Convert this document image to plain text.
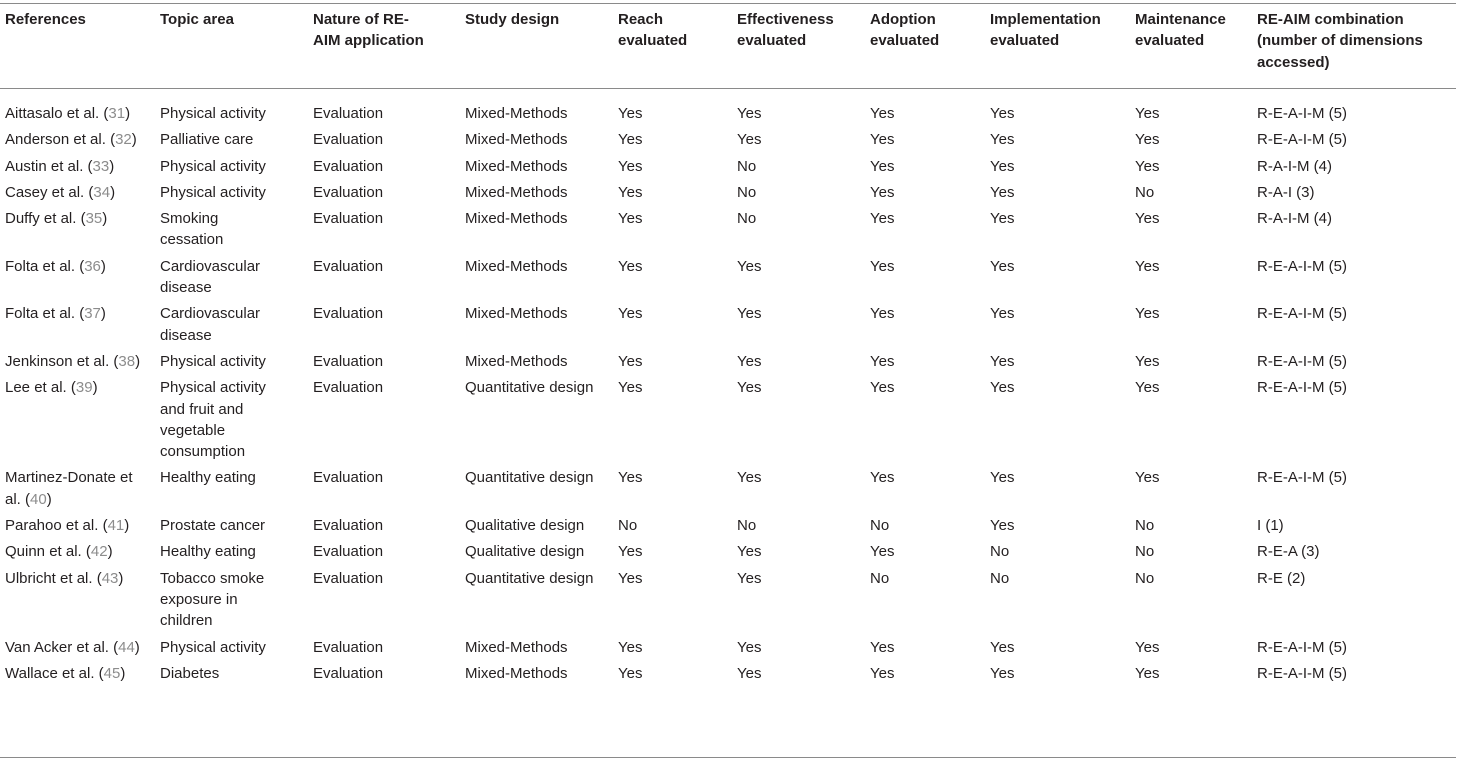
References	Topic area	Nature of RE-AIM application	Study design	Reach evaluated	Effectiveness evaluated	Adoption evaluated	Implementation evaluated	Maintenance evaluated	RE-AIM combination (number of dimensions accessed)
Aittasalo et al. (31)	Physical activity	Evaluation	Mixed-Methods	Yes	Yes	Yes	Yes	Yes	R-E-A-I-M (5)
Anderson et al. (32)	Palliative care	Evaluation	Mixed-Methods	Yes	Yes	Yes	Yes	Yes	R-E-A-I-M (5)
Austin et al. (33)	Physical activity	Evaluation	Mixed-Methods	Yes	No	Yes	Yes	Yes	R-A-I-M (4)
Casey et al. (34)	Physical activity	Evaluation	Mixed-Methods	Yes	No	Yes	Yes	No	R-A-I (3)
Duffy et al. (35)	Smoking cessation	Evaluation	Mixed-Methods	Yes	No	Yes	Yes	Yes	R-A-I-M (4)
Folta et al. (36)	Cardiovascular disease	Evaluation	Mixed-Methods	Yes	Yes	Yes	Yes	Yes	R-E-A-I-M (5)
Folta et al. (37)	Cardiovascular disease	Evaluation	Mixed-Methods	Yes	Yes	Yes	Yes	Yes	R-E-A-I-M (5)
Jenkinson et al. (38)	Physical activity	Evaluation	Mixed-Methods	Yes	Yes	Yes	Yes	Yes	R-E-A-I-M (5)
Lee et al. (39)	Physical activity and fruit and vegetable consumption	Evaluation	Quantitative design	Yes	Yes	Yes	Yes	Yes	R-E-A-I-M (5)
Martinez-Donate et al. (40)	Healthy eating	Evaluation	Quantitative design	Yes	Yes	Yes	Yes	Yes	R-E-A-I-M (5)
Parahoo et al. (41)	Prostate cancer	Evaluation	Qualitative design	No	No	No	Yes	No	I (1)
Quinn et al. (42)	Healthy eating	Evaluation	Qualitative design	Yes	Yes	Yes	No	No	R-E-A (3)
Ulbricht et al. (43)	Tobacco smoke exposure in children	Evaluation	Quantitative design	Yes	Yes	No	No	No	R-E (2)
Van Acker et al. (44)	Physical activity	Evaluation	Mixed-Methods	Yes	Yes	Yes	Yes	Yes	R-E-A-I-M (5)
Wallace et al. (45)	Diabetes	Evaluation	Mixed-Methods	Yes	Yes	Yes	Yes	Yes	R-E-A-I-M (5)
